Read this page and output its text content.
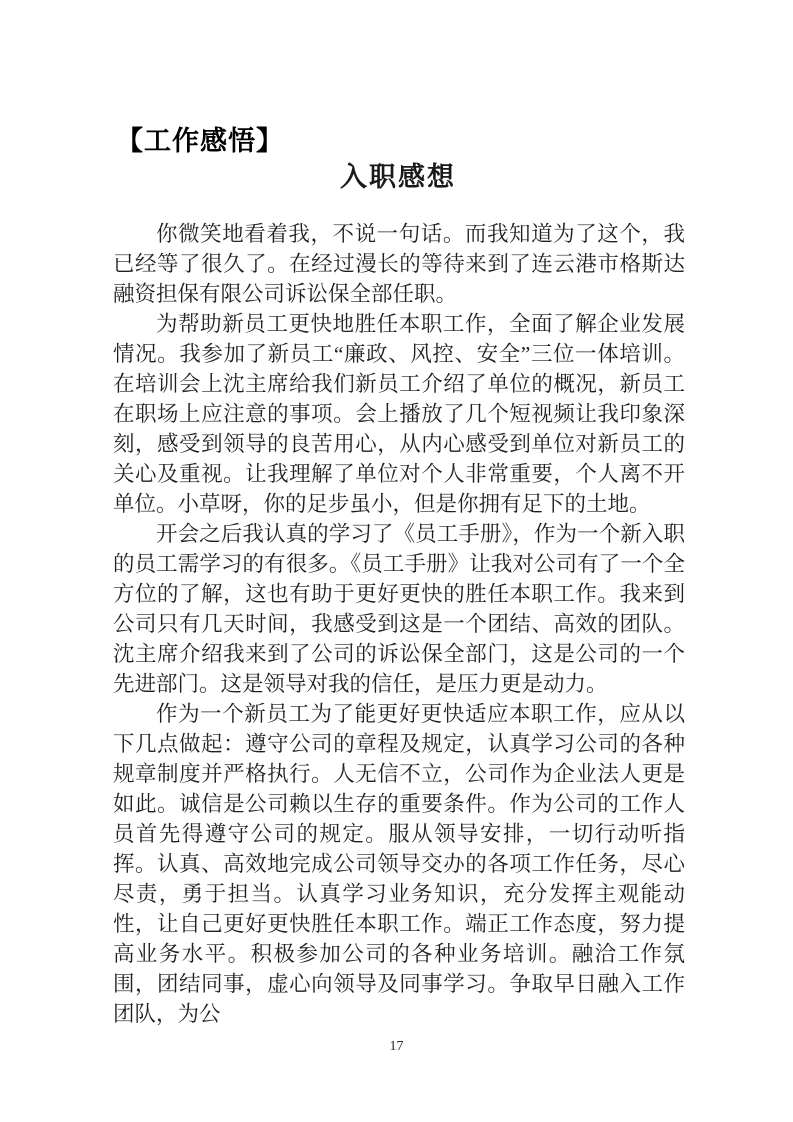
【工作感悟】
入职感想

你微笑地看着我，不说一句话。而我知道为了这个，我已经等了很久了。在经过漫长的等待来到了连云港市格斯达融资担保有限公司诉讼保全部任职。

为帮助新员工更快地胜任本职工作，全面了解企业发展情况。我参加了新员工“廉政、风控、安全”三位一体培训。在培训会上沈主席给我们新员工介绍了单位的概况，新员工在职场上应注意的事项。会上播放了几个短视频让我印象深刻，感受到领导的良苦用心，从内心感受到单位对新员工的关心及重视。让我理解了单位对个人非常重要，个人离不开单位。小草呀，你的足步虽小，但是你拥有足下的土地。

开会之后我认真的学习了《员工手册》，作为一个新入职的员工需学习的有很多。《员工手册》让我对公司有了一个全方位的了解，这也有助于更好更快的胜任本职工作。我来到公司只有几天时间，我感受到这是一个团结、高效的团队。沈主席介绍我来到了公司的诉讼保全部门，这是公司的一个先进部门。这是领导对我的信任，是压力更是动力。

作为一个新员工为了能更好更快适应本职工作，应从以下几点做起：遵守公司的章程及规定，认真学习公司的各种规章制度并严格执行。人无信不立，公司作为企业法人更是如此。诚信是公司赖以生存的重要条件。作为公司的工作人员首先得遵守公司的规定。服从领导安排，一切行动听指挥。认真、高效地完成公司领导交办的各项工作任务，尽心尽责，勇于担当。认真学习业务知识，充分发挥主观能动性，让自己更好更快胜任本职工作。端正工作态度，努力提高业务水平。积极参加公司的各种业务培训。融洽工作氛围，团结同事，虚心向领导及同事学习。争取早日融入工作团队，为公

17
